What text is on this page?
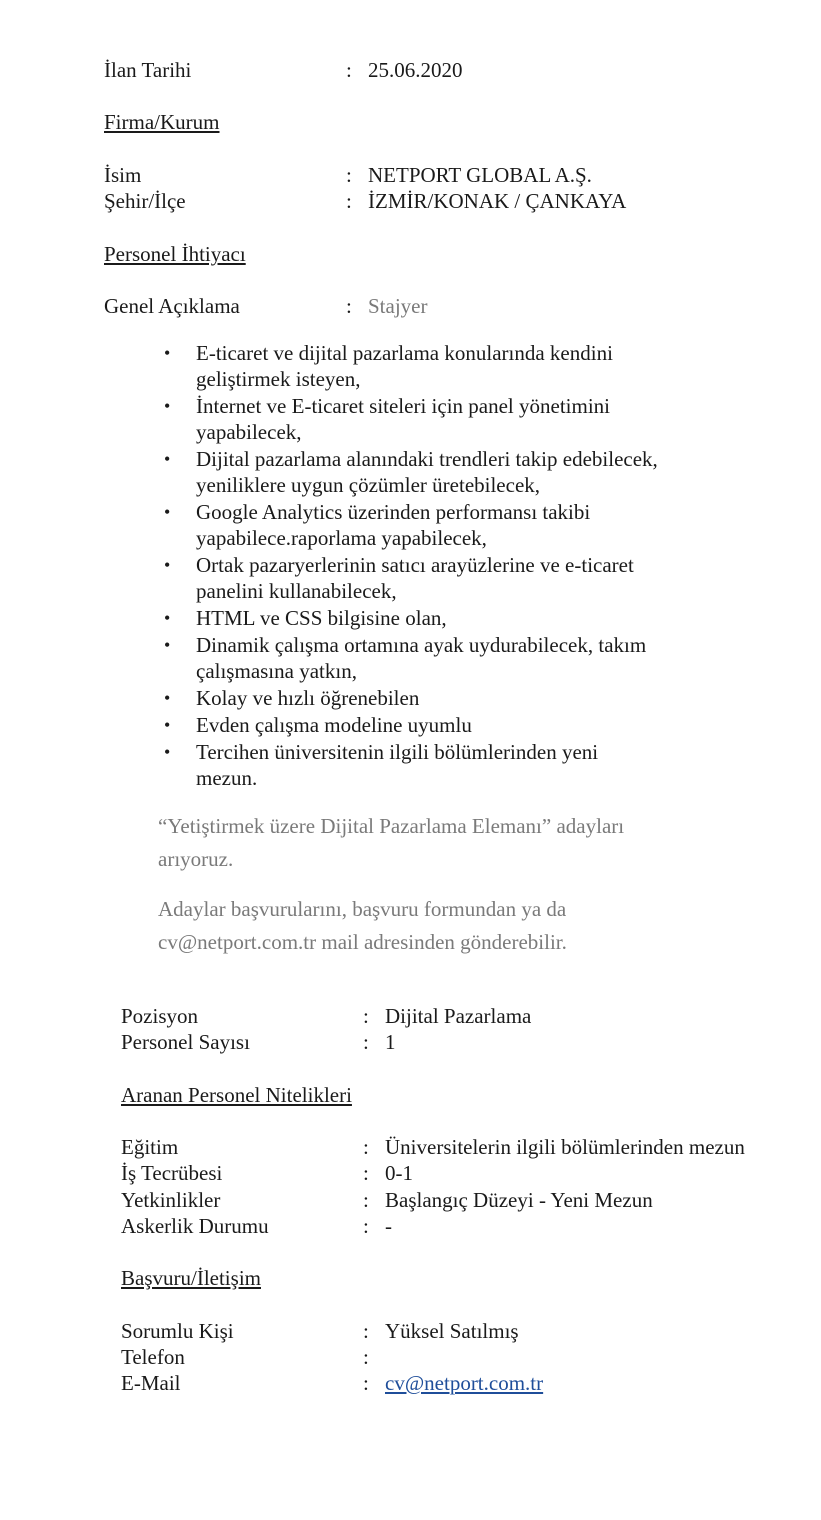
İlan Tarihi	: 25.06.2020
Firma/Kurum
İsim	: NETPORT GLOBAL A.Ş.
Şehir/İlçe	: İZMİR/KONAK / ÇANKAYA
Personel İhtiyacı
Genel Açıklama	: Stajyer
• E-ticaret ve dijital pazarlama konularında kendini
geliştirmek isteyen,
• İnternet ve E-ticaret siteleri için panel yönetimini
yapabilecek,
• Dijital pazarlama alanındaki trendleri takip edebilecek,
yeniliklere uygun çözümler üretebilecek,
• Google Analytics üzerinden performansı takibi
yapabilece.raporlama yapabilecek,
• Ortak pazaryerlerinin satıcı arayüzlerine ve e-ticaret
panelini kullanabilecek,
• HTML ve CSS bilgisine olan,
• Dinamik çalışma ortamına ayak uydurabilecek, takım
çalışmasına yatkın,
• Kolay ve hızlı öğrenebilen
• Evden çalışma modeline uyumlu
• Tercihen üniversitenin ilgili bölümlerinden yeni
mezun.
“Yetiştirmek üzere Dijital Pazarlama Elemanı” adayları
arıyoruz.
Adaylar başvurularını, başvuru formundan ya da
cv@netport.com.tr mail adresinden gönderebilir.
Pozisyon	: Dijital Pazarlama
Personel Sayısı	: 1
Aranan Personel Nitelikleri
Eğitim	: Üniversitelerin ilgili bölümlerinden mezun
İş Tecrübesi	: 0-1
Yetkinlikler	: Başlangıç Düzeyi - Yeni Mezun
Askerlik Durumu	: -
Başvuru/İletişim
Sorumlu Kişi	: Yüksel Satılmış
Telefon	:
E-Mail	: cv@netport.com.tr
